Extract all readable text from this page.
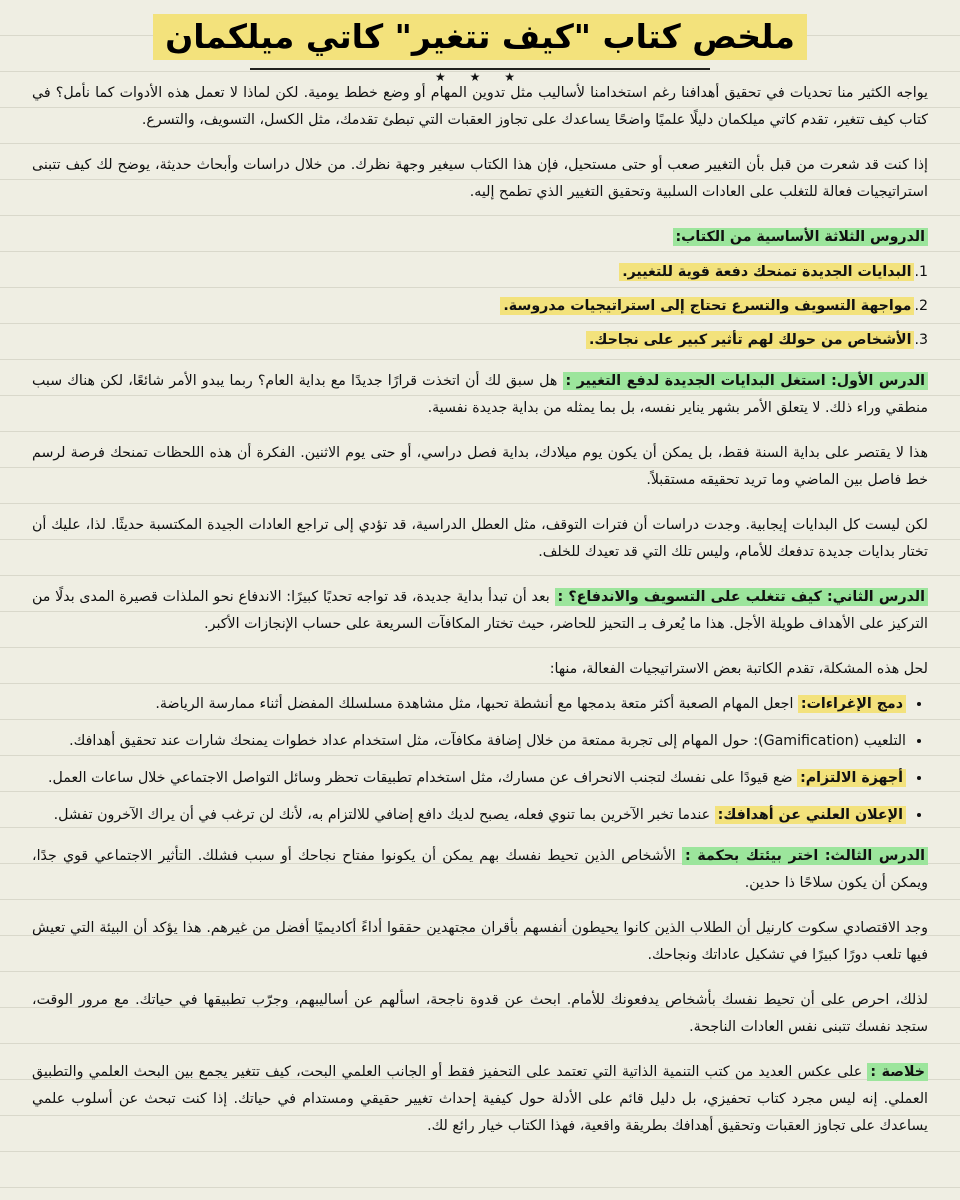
ملخص كتاب "كيف تتغير" كاتي ميلكمان
★ ★ ★

يواجه الكثير منا تحديات في تحقيق أهدافنا رغم استخدامنا لأساليب مثل تدوين المهام أو وضع خطط يومية. لكن لماذا لا تعمل هذه الأدوات كما نأمل؟ في كتاب كيف تتغير، تقدم كاتي ميلكمان دليلًا علميًا واضحًا يساعدك على تجاوز العقبات التي تبطئ تقدمك، مثل الكسل، التسويف، والتسرع.

إذا كنت قد شعرت من قبل بأن التغيير صعب أو حتى مستحيل، فإن هذا الكتاب سيغير وجهة نظرك. من خلال دراسات وأبحاث حديثة، يوضح لك كيف تتبنى استراتيجيات فعالة للتغلب على العادات السلبية وتحقيق التغيير الذي تطمح إليه.

الدروس الثلاثة الأساسية من الكتاب:
1.البدايات الجديدة تمنحك دفعة قوية للتغيير.
2.مواجهة التسويف والتسرع تحتاج إلى استراتيجيات مدروسة.
3.الأشخاص من حولك لهم تأثير كبير على نجاحك.

الدرس الأول: استغل البدايات الجديدة لدفع التغيير : هل سبق لك أن اتخذت قرارًا جديدًا مع بداية العام؟ ربما يبدو الأمر شائعًا، لكن هناك سبب منطقي وراء ذلك. لا يتعلق الأمر بشهر يناير نفسه، بل بما يمثله من بداية جديدة نفسية.

هذا لا يقتصر على بداية السنة فقط، بل يمكن أن يكون يوم ميلادك، بداية فصل دراسي، أو حتى يوم الاثنين. الفكرة أن هذه اللحظات تمنحك فرصة لرسم خط فاصل بين الماضي وما تريد تحقيقه مستقبلاً.

لكن ليست كل البدايات إيجابية. وجدت دراسات أن فترات التوقف، مثل العطل الدراسية، قد تؤدي إلى تراجع العادات الجيدة المكتسبة حديثًا. لذا، عليك أن تختار بدايات جديدة تدفعك للأمام، وليس تلك التي قد تعيدك للخلف.

الدرس الثاني: كيف تتغلب على التسويف والاندفاع؟ : بعد أن تبدأ بداية جديدة، قد تواجه تحديًا كبيرًا: الاندفاع نحو الملذات قصيرة المدى بدلًا من التركيز على الأهداف طويلة الأجل. هذا ما يُعرف بـ التحيز للحاضر، حيث تختار المكافآت السريعة على حساب الإنجازات الأكبر.

لحل هذه المشكلة، تقدم الكاتبة بعض الاستراتيجيات الفعالة، منها:

• دمج الإغراءات: اجعل المهام الصعبة أكثر متعة بدمجها مع أنشطة تحبها، مثل مشاهدة مسلسلك المفضل أثناء ممارسة الرياضة.
• التلعيب (Gamification): حول المهام إلى تجربة ممتعة من خلال إضافة مكافآت، مثل استخدام عداد خطوات يمنحك شارات عند تحقيق أهدافك.
• أجهزة الالتزام: ضع قيودًا على نفسك لتجنب الانحراف عن مسارك، مثل استخدام تطبيقات تحظر وسائل التواصل الاجتماعي خلال ساعات العمل.
• الإعلان العلني عن أهدافك: عندما تخبر الآخرين بما تنوي فعله، يصبح لديك دافع إضافي للالتزام به، لأنك لن ترغب في أن يراك الآخرون تفشل.

الدرس الثالث: اختر بيئتك بحكمة : الأشخاص الذين تحيط نفسك بهم يمكن أن يكونوا مفتاح نجاحك أو سبب فشلك. التأثير الاجتماعي قوي جدًا، ويمكن أن يكون سلاحًا ذا حدين.

وجد الاقتصادي سكوت كارنيل أن الطلاب الذين كانوا يحيطون أنفسهم بأقران مجتهدين حققوا أداءً أكاديميًا أفضل من غيرهم. هذا يؤكد أن البيئة التي تعيش فيها تلعب دورًا كبيرًا في تشكيل عاداتك ونجاحك.

لذلك، احرص على أن تحيط نفسك بأشخاص يدفعونك للأمام. ابحث عن قدوة ناجحة، اسألهم عن أساليبهم، وجرّب تطبيقها في حياتك. مع مرور الوقت، ستجد نفسك تتبنى نفس العادات الناجحة.

خلاصة : على عكس العديد من كتب التنمية الذاتية التي تعتمد على التحفيز فقط أو الجانب العلمي البحت، كيف تتغير يجمع بين البحث العلمي والتطبيق العملي. إنه ليس مجرد كتاب تحفيزي، بل دليل قائم على الأدلة حول كيفية إحداث تغيير حقيقي ومستدام في حياتك. إذا كنت تبحث عن أسلوب علمي يساعدك على تجاوز العقبات وتحقيق أهدافك بطريقة واقعية، فهذا الكتاب خيار رائع لك.
